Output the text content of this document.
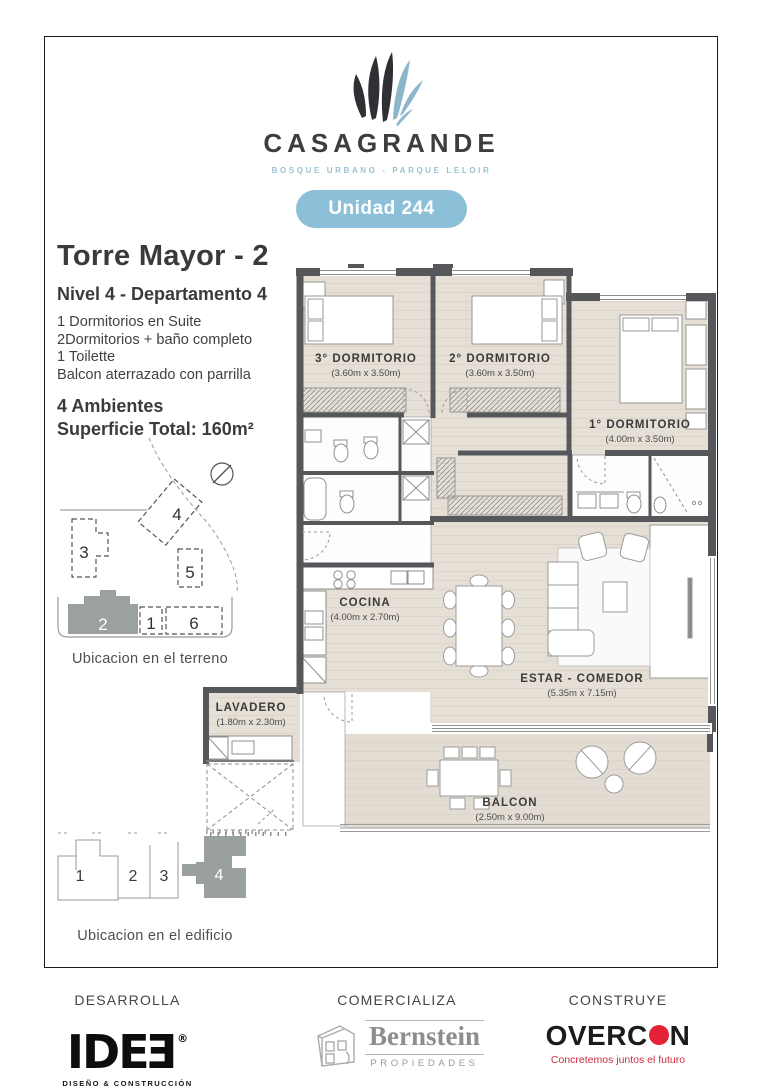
3° DORMITORIO
(3.60m x 3.50m)
2° DORMITORIO
(3.60m x 3.50m)
1° DORMITORIO
(4.00m x 3.50m)
COCINA
(4.00m x 2.70m)
ESTAR - COMEDOR
(5.35m x 7.15m)
LAVADERO
(1.80m x 2.30m)
BALCON
(2.50m x 9.00m)
1
2
3
4
5
6
1	2 3	4
CASAGRANDE
BOSQUE URBANO - PARQUE LELOIR
Unidad 244
Torre Mayor - 2
Nivel 4 - Departamento 4
1 Dormitorios en Suite
2Dormitorios + baño completo
1 Toilette
Balcon aterrazado con parrilla
4 Ambientes
Superficie Total: 160m²
Ubicacion en el terreno
Ubicacion en el edificio
DESARROLLA
IDEE®
DISEÑO & CONSTRUCCIÓN
COMERCIALIZA
Bernstein
PROPIEDADES
CONSTRUYE
OVERC N
Concretemos juntos el futuro
